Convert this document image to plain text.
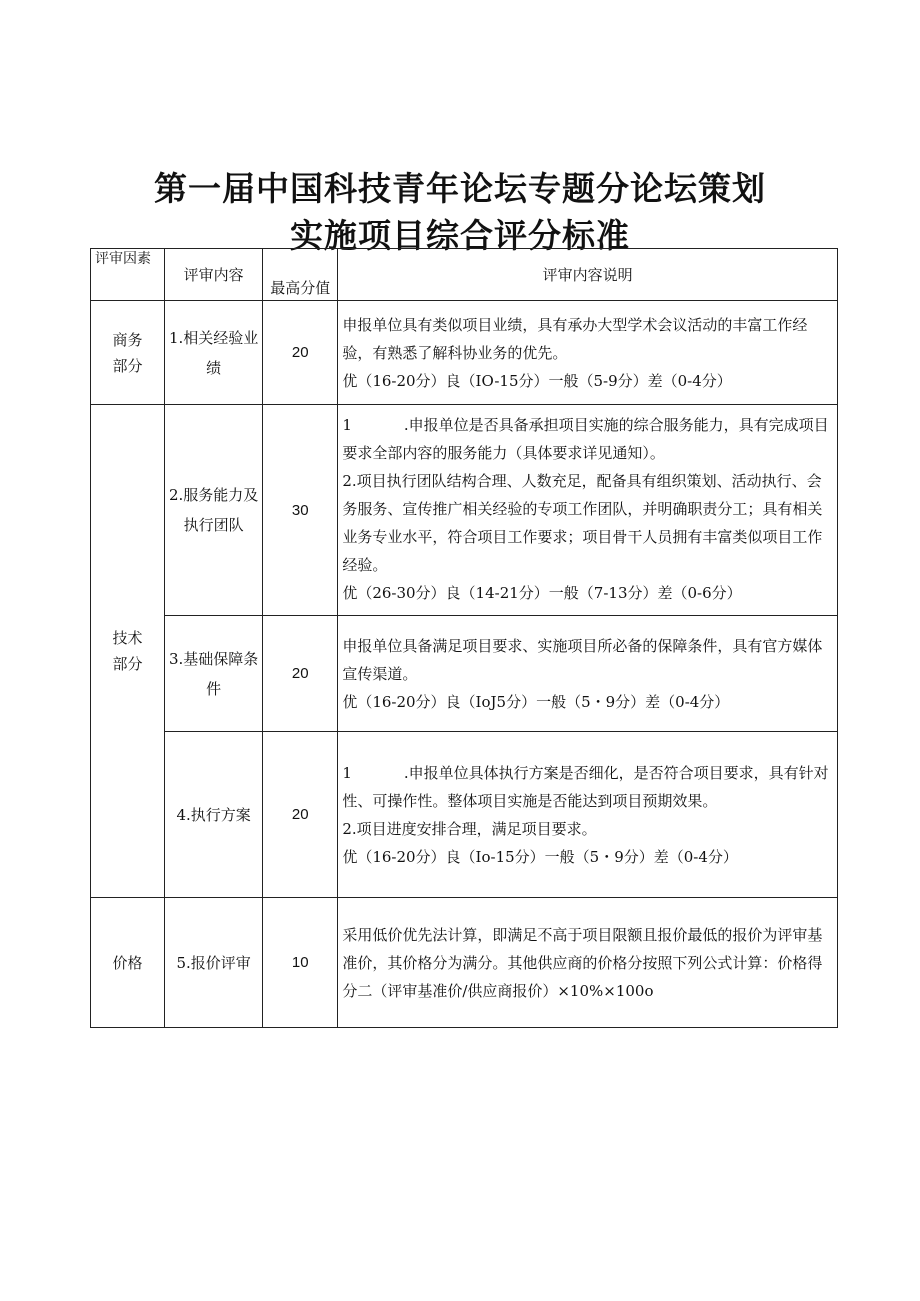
第一届中国科技青年论坛专题分论坛策划
实施项目综合评分标准
评审因素	评审内容	最高分值	评审内容说明

商务部分	1.相关经验业绩	20	申报单位具有类似项目业绩，具有承办大型学术会议活动的丰富工作经验，有熟悉了解科协业务的优先。

优（16-20分）良（IO-15分）一般（5-9分）差（0-4分）

技术部分	2.服务能力及执行团队	30	1 .申报单位是否具备承担项目实施的综合服务能力，具有完成项目要求全部内容的服务能力（具体要求详见通知）。

2.项目执行团队结构合理、人数充足，配备具有组织策划、活动执行、会务服务、宣传推广相关经验的专项工作团队，并明确职责分工；具有相关业务专业水平，符合项目工作要求；项目骨干人员拥有丰富类似项目工作经验。

优（26-30分）良（14-21分）一般（7-13分）差（0-6分）

	3.基础保障条件	20	申报单位具备满足项目要求、实施项目所必备的保障条件，具有官方媒体宣传渠道。

优（16-20分）良（IoJ5分）一般（5・9分）差（0-4分）

	4.执行方案	20	1 .申报单位具体执行方案是否细化，是否符合项目要求，具有针对性、可操作性。整体项目实施是否能达到项目预期效果。

2.项目进度安排合理，满足项目要求。

优（16-20分）良（Io-15分）一般（5・9分）差（0-4分）

价格	5.报价评审	10	采用低价优先法计算，即满足不高于项目限额且报价最低的报价为评审基准价，其价格分为满分。其他供应商的价格分按照下列公式计算：价格得分二（评审基准价/供应商报价）×10%×100o
